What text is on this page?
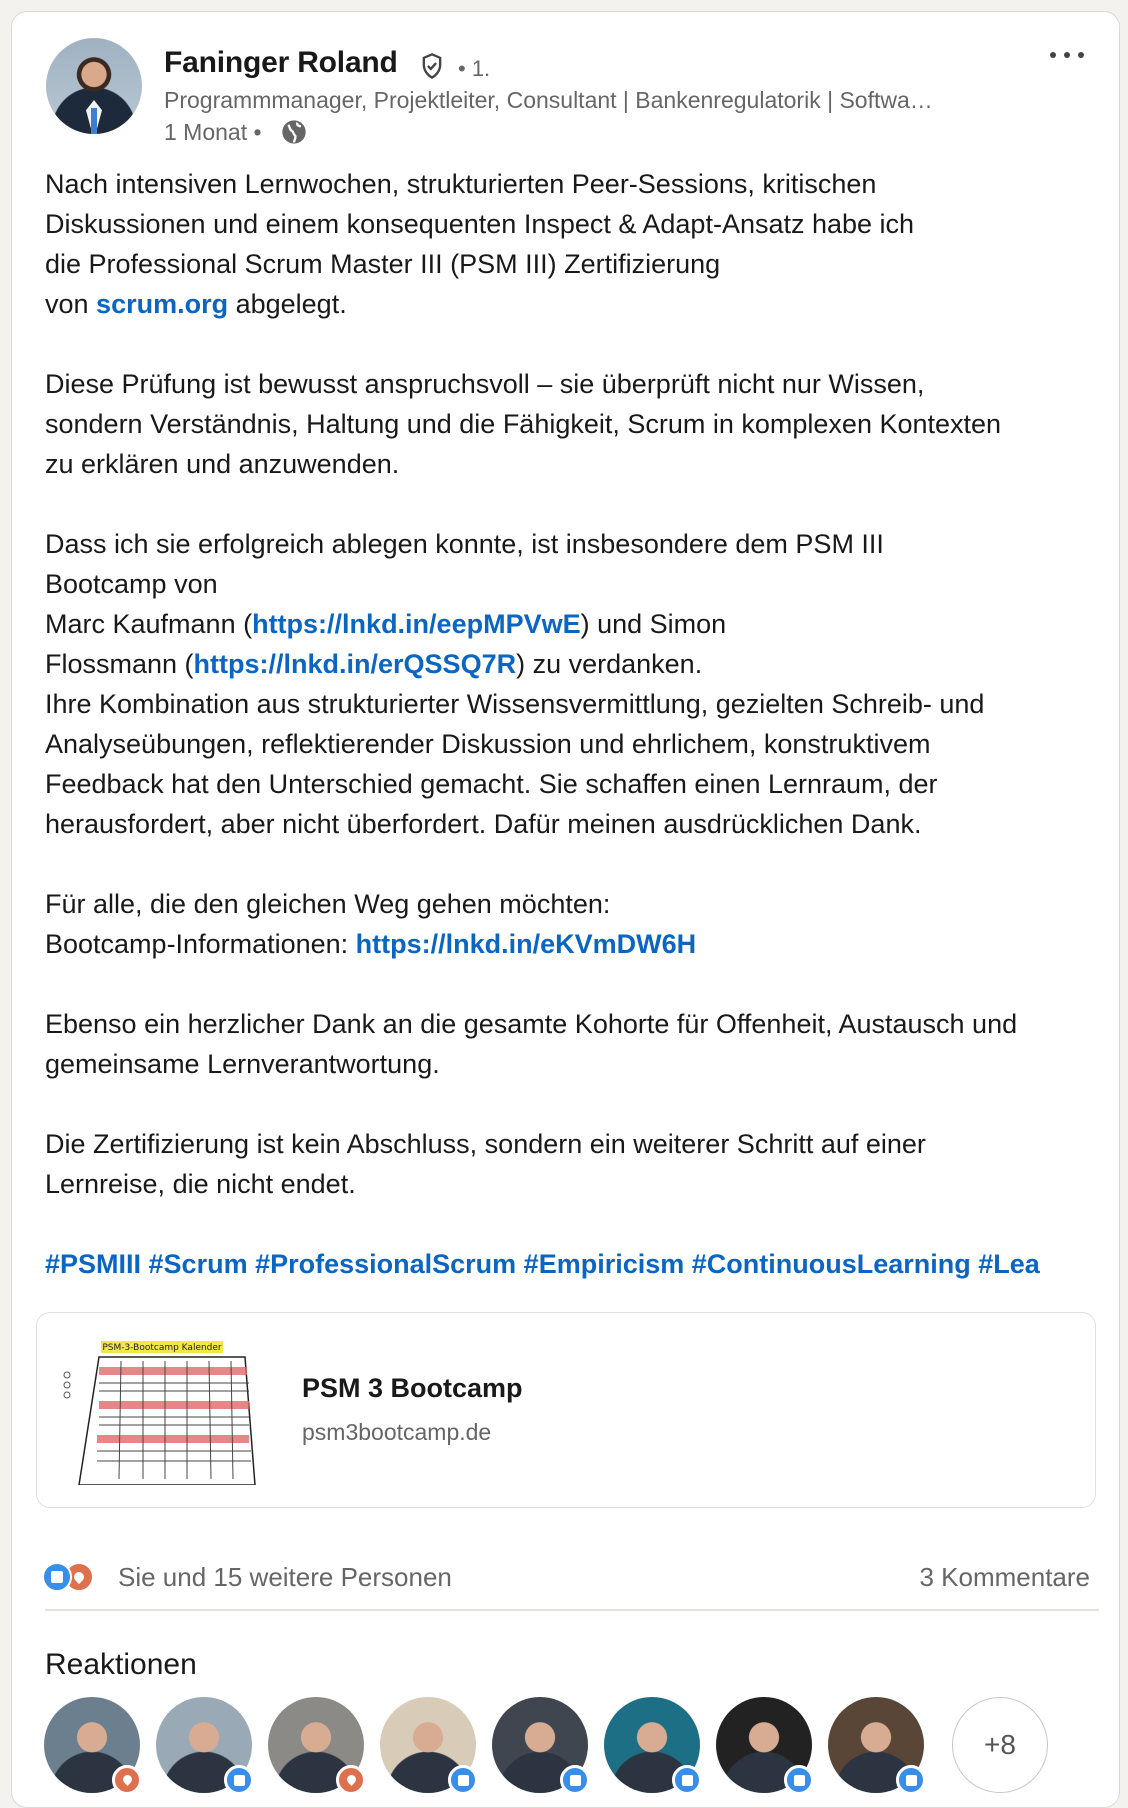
Faninger Roland	• 1.
Programmmanager, Projektleiter, Consultant | Bankenregulatorik | Softwa…
1 Monat •

Nach intensiven Lernwochen, strukturierten Peer-Sessions, kritischen

Diskussionen und einem konsequenten Inspect & Adapt-Ansatz habe ich

die Professional Scrum Master III (PSM III) Zertifizierung

von scrum.org abgelegt.

Diese Prüfung ist bewusst anspruchsvoll – sie überprüft nicht nur Wissen,

sondern Verständnis, Haltung und die Fähigkeit, Scrum in komplexen Kontexten

zu erklären und anzuwenden.

Dass ich sie erfolgreich ablegen konnte, ist insbesondere dem PSM III

Bootcamp von

Marc Kaufmann (https://lnkd.in/eepMPVwE) und Simon

Flossmann (https://lnkd.in/erQSSQ7R) zu verdanken.

Ihre Kombination aus strukturierter Wissensvermittlung, gezielten Schreib- und

Analyseübungen, reflektierender Diskussion und ehrlichem, konstruktivem

Feedback hat den Unterschied gemacht. Sie schaffen einen Lernraum, der

herausfordert, aber nicht überfordert. Dafür meinen ausdrücklichen Dank.

Für alle, die den gleichen Weg gehen möchten:

Bootcamp-Informationen: https://lnkd.in/eKVmDW6H

Ebenso ein herzlicher Dank an die gesamte Kohorte für Offenheit, Austausch und

gemeinsame Lernverantwortung.

Die Zertifizierung ist kein Abschluss, sondern ein weiterer Schritt auf einer

Lernreise, die nicht endet.

#PSMIII #Scrum #ProfessionalScrum #Empiricism #ContinuousLearning #Lea

PSM-3-Bootcamp Kalender
PSM 3 Bootcamp
psm3bootcamp.de
Sie und 15 weitere Personen	3 Kommentare
Reaktionen
+8
